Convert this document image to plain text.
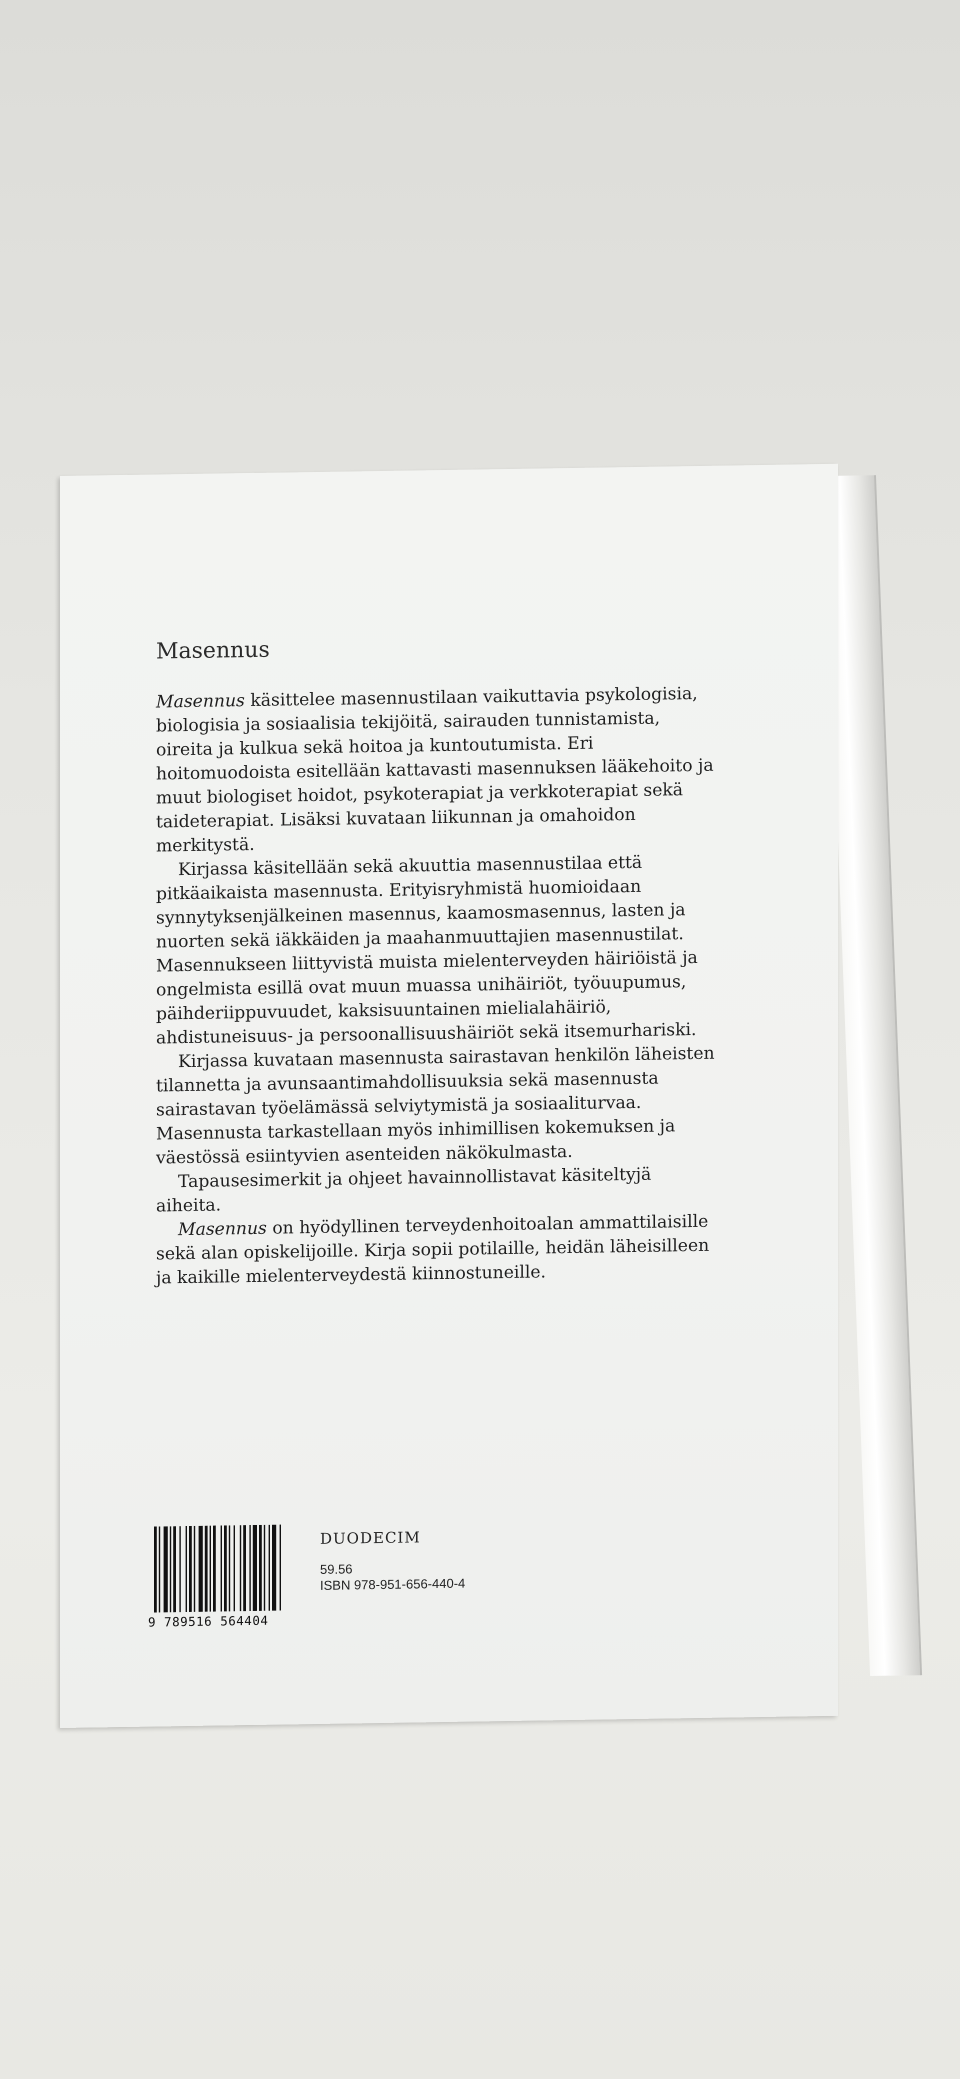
Masennus

Masennus käsittelee masennustilaan vaikuttavia psykologisia, biologisia ja sosiaalisia tekijöitä, sairauden tunnistamista, oireita ja kulkua sekä hoitoa ja kuntoutumista. Eri hoitomuodoista esitellään kattavasti masennuksen lääkehoito ja muut biologiset hoidot, psykoterapiat ja verkkoterapiat sekä taideterapiat. Lisäksi kuvataan liikunnan ja omahoidon merkitystä.

Kirjassa käsitellään sekä akuuttia masennustilaa että pitkäaikaista masennusta. Erityisryhmistä huomioidaan synnytyksenjälkeinen masennus, kaamosmasennus, lasten ja nuorten sekä iäkkäiden ja maahanmuuttajien masennustilat. Masennukseen liittyvistä muista mielenterveyden häiriöistä ja ongelmista esillä ovat muun muassa unihäiriöt, työuupumus, päihderiippuvuudet, kaksisuuntainen mielialahäiriö, ahdistuneisuus- ja persoonallisuushäiriöt sekä itsemurhariski.

Kirjassa kuvataan masennusta sairastavan henkilön läheisten tilannetta ja avunsaantimahdollisuuksia sekä masennusta sairastavan työelämässä selviytymistä ja sosiaaliturvaa. Masennusta tarkastellaan myös inhimillisen kokemuksen ja väestössä esiintyvien asenteiden näkökulmasta.

Tapausesimerkit ja ohjeet havainnollistavat käsiteltyjä aiheita.

Masennus on hyödyllinen terveydenhoitoalan ammattilaisille sekä alan opiskelijoille. Kirja sopii potilaille, heidän läheisilleen ja kaikille mielenterveydestä kiinnostuneille.

9 789516 564404
DUODECIM
59.56
ISBN 978-951-656-440-4
